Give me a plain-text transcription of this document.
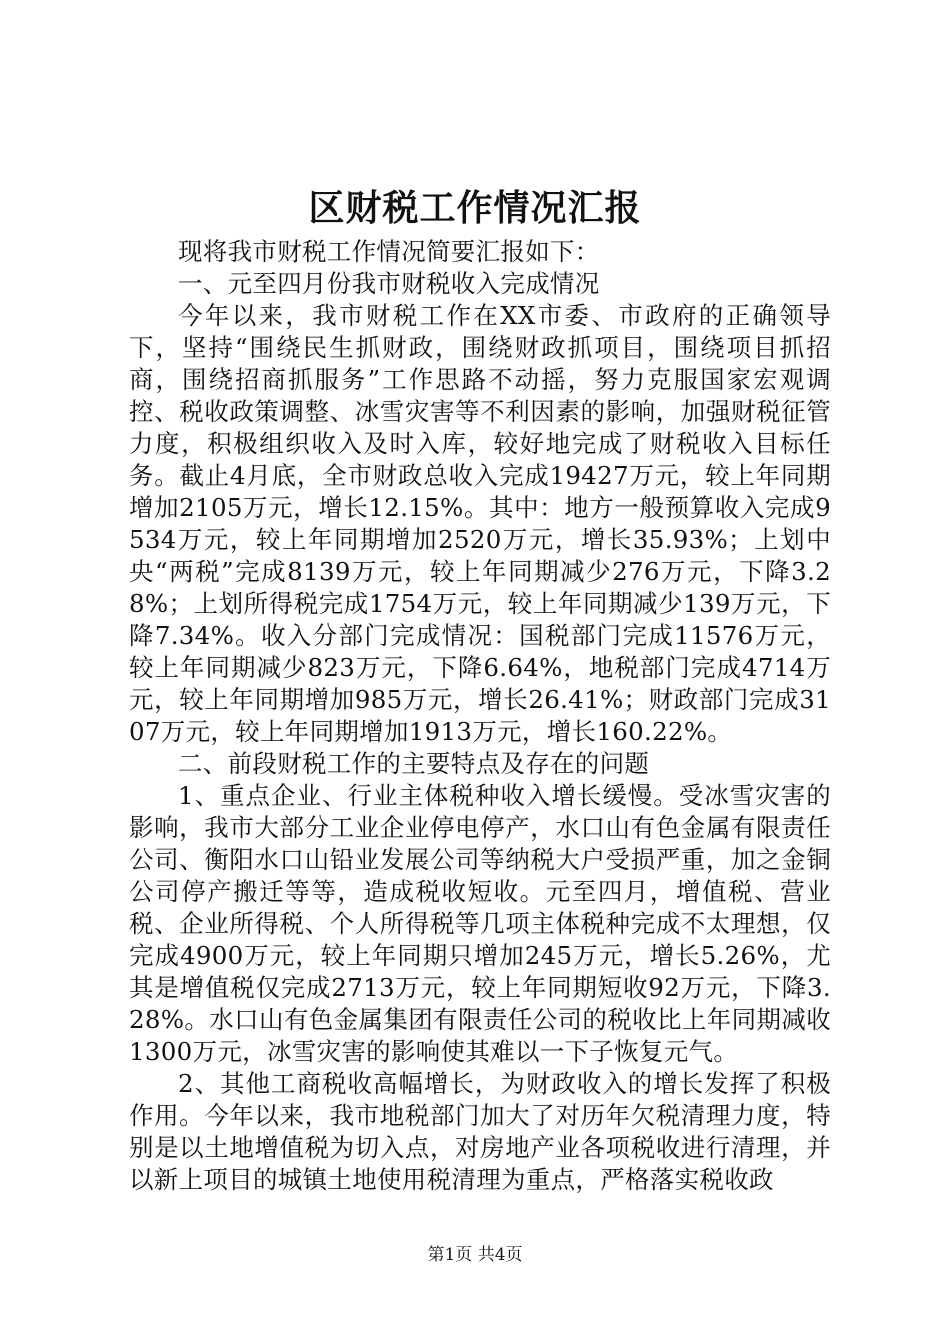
区财税工作情况汇报

现将我市财税工作情况简要汇报如下：

一、元至四月份我市财税收入完成情况

今年以来，我市财税工作在XX市委、市政府的正确领导下，坚持“围绕民生抓财政，围绕财政抓项目，围绕项目抓招商，围绕招商抓服务”工作思路不动摇，努力克服国家宏观调控、税收政策调整、冰雪灾害等不利因素的影响，加强财税征管力度，积极组织收入及时入库，较好地完成了财税收入目标任务。截止4月底，全市财政总收入完成19427万元，较上年同期增加2105万元，增长12.15%。其中：地方一般预算收入完成9534万元，较上年同期增加2520万元，增长35.93%；上划中央“两税”完成8139万元，较上年同期减少276万元，下降3.28%；上划所得税完成1754万元，较上年同期减少139万元，下降7.34%。收入分部门完成情况：国税部门完成11576万元，较上年同期减少823万元，下降6.64%，地税部门完成4714万元，较上年同期增加985万元，增长26.41%；财政部门完成3107万元，较上年同期增加1913万元，增长160.22%。

二、前段财税工作的主要特点及存在的问题

1、重点企业、行业主体税种收入增长缓慢。受冰雪灾害的影响，我市大部分工业企业停电停产，水口山有色金属有限责任公司、衡阳水口山铅业发展公司等纳税大户受损严重，加之金铜公司停产搬迁等等，造成税收短收。元至四月，增值税、营业税、企业所得税、个人所得税等几项主体税种完成不太理想，仅完成4900万元，较上年同期只增加245万元，增长5.26%，尤其是增值税仅完成2713万元，较上年同期短收92万元，下降3.28%。水口山有色金属集团有限责任公司的税收比上年同期减收1300万元，冰雪灾害的影响使其难以一下子恢复元气。

2、其他工商税收高幅增长，为财政收入的增长发挥了积极作用。今年以来，我市地税部门加大了对历年欠税清理力度，特别是以土地增值税为切入点，对房地产业各项税收进行清理，并以新上项目的城镇土地使用税清理为重点，严格落实税收政

第1页 共4页
